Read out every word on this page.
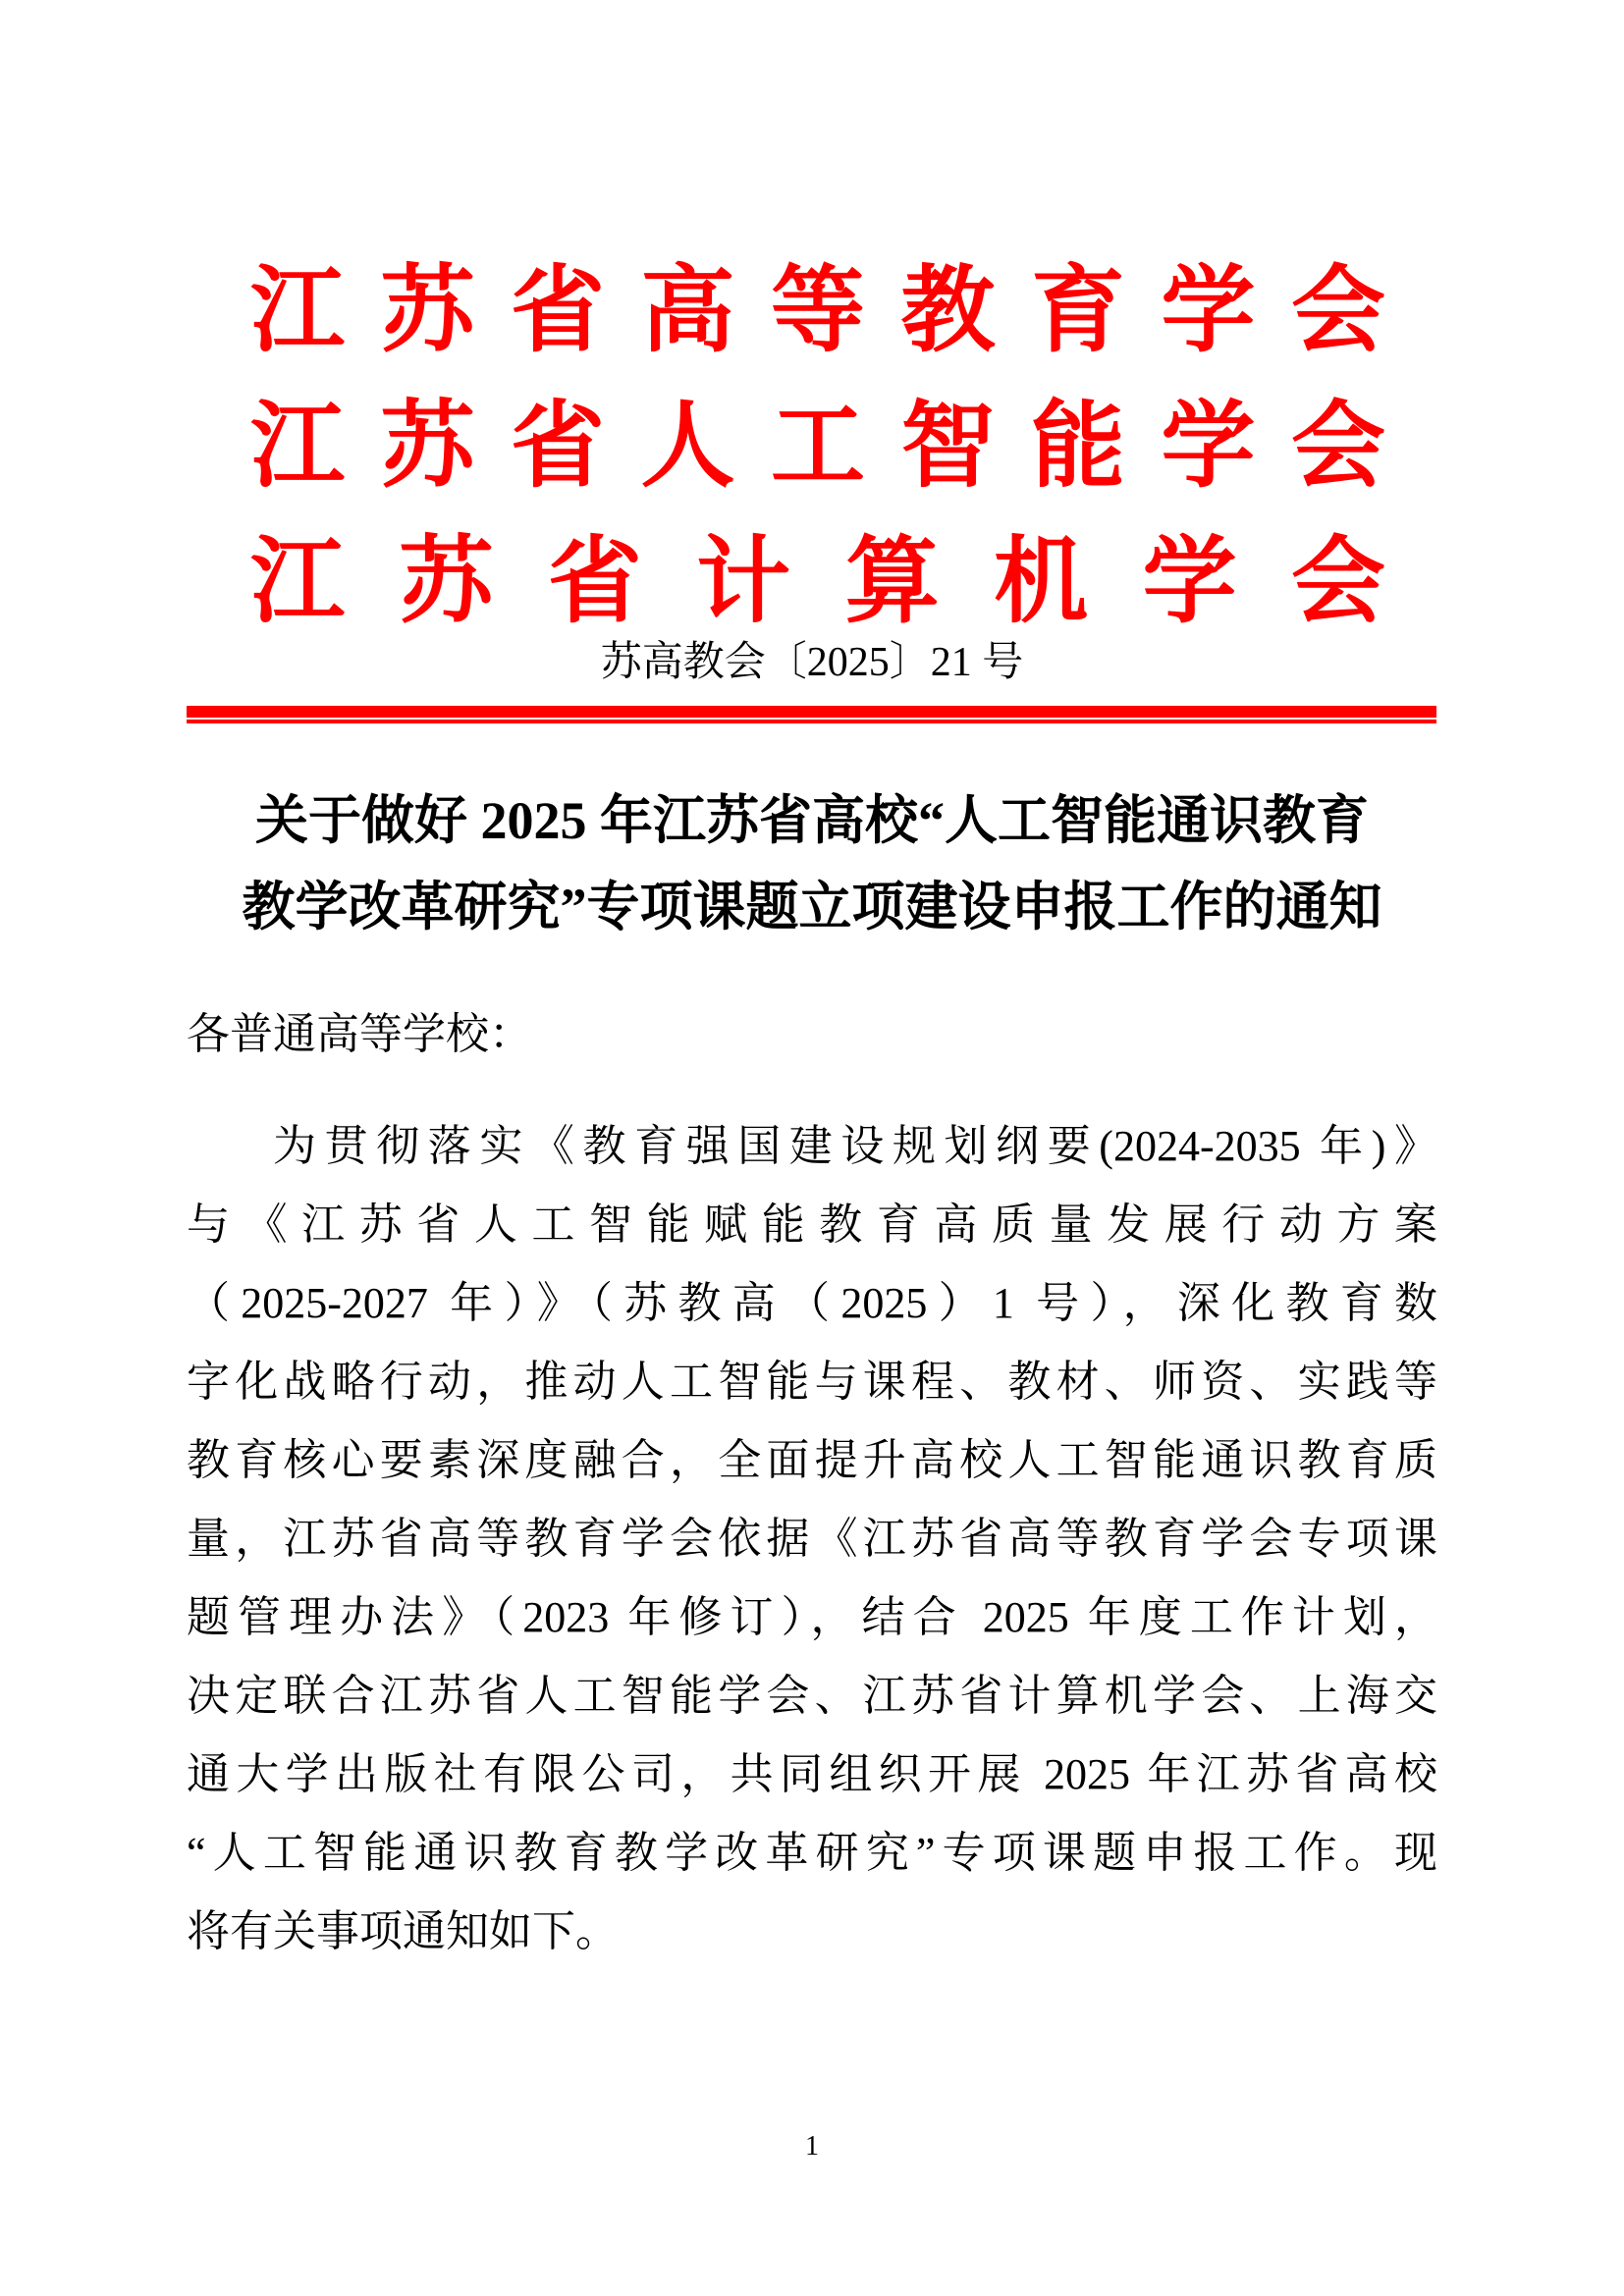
江苏省高等教育学会
江苏省人工智能学会
江苏省计算机学会
苏高教会〔2025〕21 号
关于做好 2025 年江苏省高校“人工智能通识教育
教学改革研究”专项课题立项建设申报工作的通知
各普通高等学校：
为贯彻落实《教育强国建设规划纲要(2024-2035 年)》
与《江苏省人工智能赋能教育高质量发展行动方案
（2025-2027 年）》（苏教高（2025）1 号），深化教育数
字化战略行动，推动人工智能与课程、教材、师资、实践等
教育核心要素深度融合，全面提升高校人工智能通识教育质
量，江苏省高等教育学会依据《江苏省高等教育学会专项课
题管理办法》（2023 年修订），结合 2025 年度工作计划，
决定联合江苏省人工智能学会、江苏省计算机学会、上海交
通大学出版社有限公司，共同组织开展 2025 年江苏省高校
“人工智能通识教育教学改革研究”专项课题申报工作。现
将有关事项通知如下。
1
